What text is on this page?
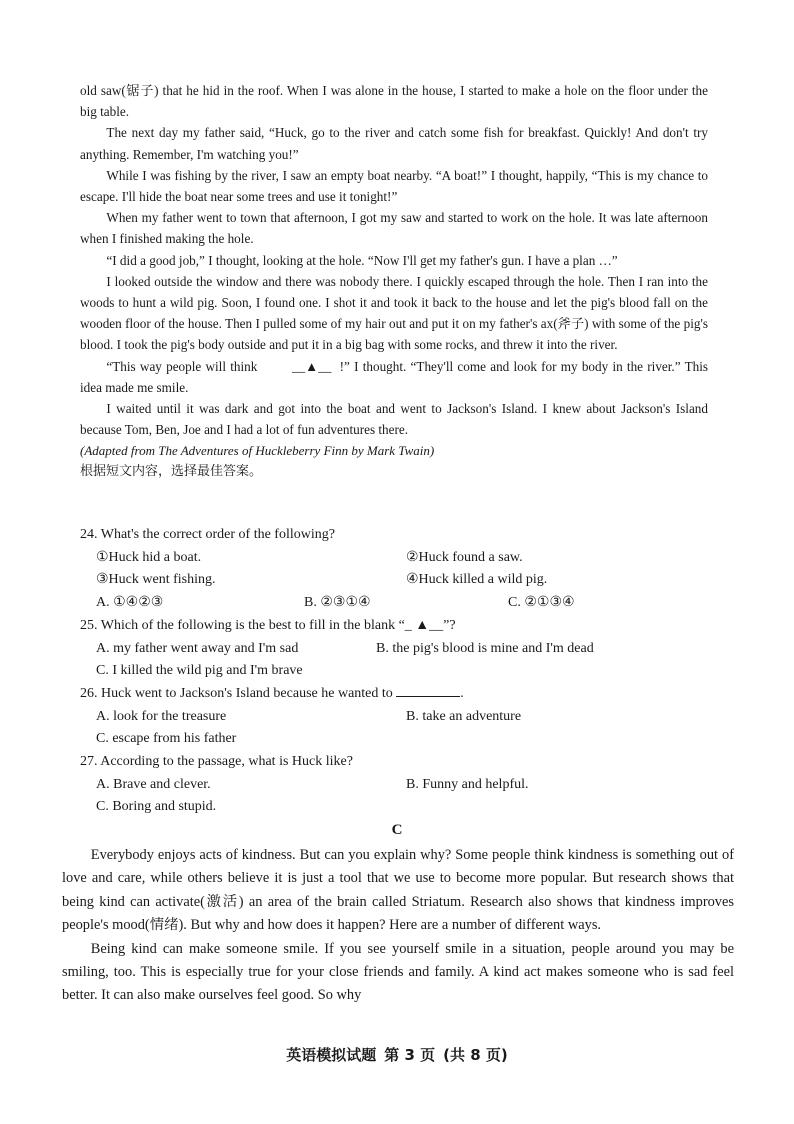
old saw(锯子) that he hid in the roof. When I was alone in the house, I started to make a hole on the floor under the big table.

The next day my father said, “Huck, go to the river and catch some fish for breakfast. Quickly! And don't try anything. Remember, I'm watching you!”

While I was fishing by the river, I saw an empty boat nearby. “A boat!” I thought, happily, “This is my chance to escape. I'll hide the boat near some trees and use it tonight!”

When my father went to town that afternoon, I got my saw and started to work on the hole. It was late afternoon when I finished making the hole.

“I did a good job,” I thought, looking at the hole. “Now I'll get my father's gun. I have a plan …”

I looked outside the window and there was nobody there. I quickly escaped through the hole. Then I ran into the woods to hunt a wild pig. Soon, I found one. I shot it and took it back to the house and let the pig's blood fall on the wooden floor of the house. Then I pulled some of my hair out and put it on my father's ax(斧子) with some of the pig's blood. I took the pig's body outside and put it in a big bag with some rocks, and threw it into the river.

“This way people will think	__▲__ !” I thought. “They'll come and look for my body in the river.” This idea made me smile.

I waited until it was dark and got into the boat and went to Jackson's Island. I knew about Jackson's Island because Tom, Ben, Joe and I had a lot of fun adventures there.

(Adapted from The Adventures of Huckleberry Finn by Mark Twain)

根据短文内容，选择最佳答案。

24. What's the correct order of the following?

①Huck hid a boat.	②Huck found a saw.
③Huck went fishing.	④Huck killed a wild pig.
A. ①④②③	B. ②③①④	C. ②①③④

25. Which of the following is the best to fill in the blank “_ ▲__”?

A. my father went away and I'm sad	B. the pig's blood is mine and I'm dead
C. I killed the wild pig and I'm brave

26. Huck went to Jackson's Island because he wanted to	.

A. look for the treasure	B. take an adventure
C. escape from his father

27. According to the passage, what is Huck like?

A. Brave and clever.	B. Funny and helpful.
C. Boring and stupid.
C

Everybody enjoys acts of kindness. But can you explain why? Some people think kindness is something out of love and care, while others believe it is just a tool that we use to become more popular. But research shows that being kind can activate(激活) an area of the brain called Striatum. Research also shows that kindness improves people's mood(情绪). But why and how does it happen? Here are a number of different ways.

Being kind can make someone smile. If you see yourself smile in a situation, people around you may be smiling, too. This is especially true for your close friends and family. A kind act makes someone who is sad feel better. It can also make ourselves feel good. So why

英语模拟试题 第 3 页 (共 8 页)
